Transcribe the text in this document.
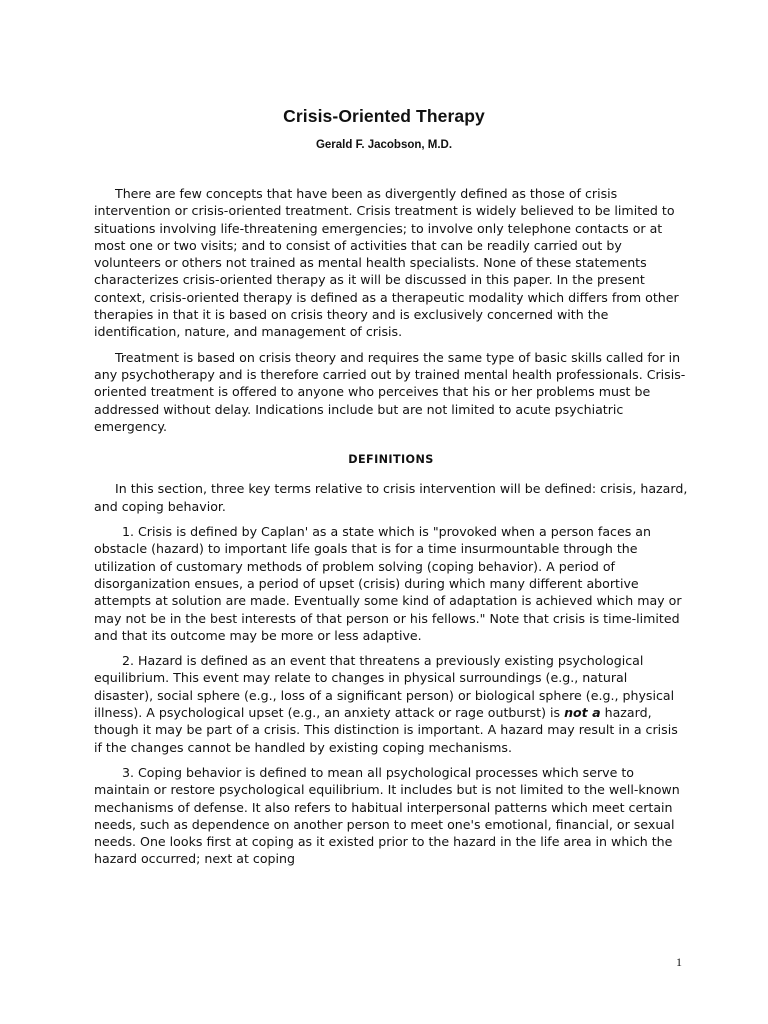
Crisis-Oriented Therapy
Gerald F. Jacobson, M.D.

There are few concepts that have been as divergently defined as those of crisis intervention or crisis-oriented treatment. Crisis treatment is widely believed to be limited to situations involving life-threatening emergencies; to involve only telephone contacts or at most one or two visits; and to consist of activities that can be readily carried out by volunteers or others not trained as mental health specialists. None of these statements characterizes crisis-oriented therapy as it will be discussed in this paper. In the present context, crisis-oriented therapy is defined as a therapeutic modality which differs from other therapies in that it is based on crisis theory and is exclusively concerned with the identification, nature, and management of crisis.

Treatment is based on crisis theory and requires the same type of basic skills called for in any psychotherapy and is therefore carried out by trained mental health professionals. Crisis-oriented treatment is offered to anyone who perceives that his or her problems must be addressed without delay. Indications include but are not limited to acute psychiatric emergency.

DEFINITIONS

In this section, three key terms relative to crisis intervention will be defined: crisis, hazard, and coping behavior.

1. Crisis is defined by Caplan' as a state which is "provoked when a person faces an obstacle (hazard) to important life goals that is for a time insurmountable through the utilization of customary methods of problem solving (coping behavior). A period of disorganization ensues, a period of upset (crisis) during which many different abortive attempts at solution are made. Eventually some kind of adaptation is achieved which may or may not be in the best interests of that person or his fellows." Note that crisis is time-limited and that its outcome may be more or less adaptive.

2. Hazard is defined as an event that threatens a previously existing psychological equilibrium. This event may relate to changes in physical surroundings (e.g., natural disaster), social sphere (e.g., loss of a significant person) or biological sphere (e.g., physical illness). A psychological upset (e.g., an anxiety attack or rage outburst) is not a hazard, though it may be part of a crisis. This distinction is important. A hazard may result in a crisis if the changes cannot be handled by existing coping mechanisms.

3. Coping behavior is defined to mean all psychological processes which serve to maintain or restore psychological equilibrium. It includes but is not limited to the well-known mechanisms of defense. It also refers to habitual interpersonal patterns which meet certain needs, such as dependence on another person to meet one's emotional, financial, or sexual needs. One looks first at coping as it existed prior to the hazard in the life area in which the hazard occurred; next at coping

1
